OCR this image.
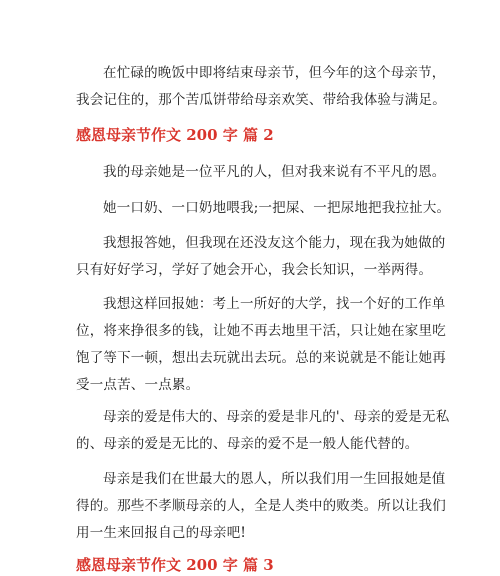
在忙碌的晚饭中即将结束母亲节，但今年的这个母亲节，
我会记住的，那个苦瓜饼带给母亲欢笑、带给我体验与满足。
感恩母亲节作文 200 字 篇 2
我的母亲她是一位平凡的人，但对我来说有不平凡的恩。
她一口奶、一口奶地喂我;一把屎、一把尿地把我拉扯大。
我想报答她，但我现在还没友这个能力，现在我为她做的
只有好好学习，学好了她会开心，我会长知识，一举两得。
我想这样回报她：考上一所好的大学，找一个好的工作单
位，将来挣很多的钱，让她不再去地里干活，只让她在家里吃
饱了等下一顿，想出去玩就出去玩。总的来说就是不能让她再
受一点苦、一点累。
母亲的爱是伟大的、母亲的爱是非凡的'、母亲的爱是无私
的、母亲的爱是无比的、母亲的爱不是一般人能代替的。
母亲是我们在世最大的恩人，所以我们用一生回报她是值
得的。那些不孝顺母亲的人，全是人类中的败类。所以让我们
用一生来回报自己的母亲吧!
感恩母亲节作文 200 字 篇 3
